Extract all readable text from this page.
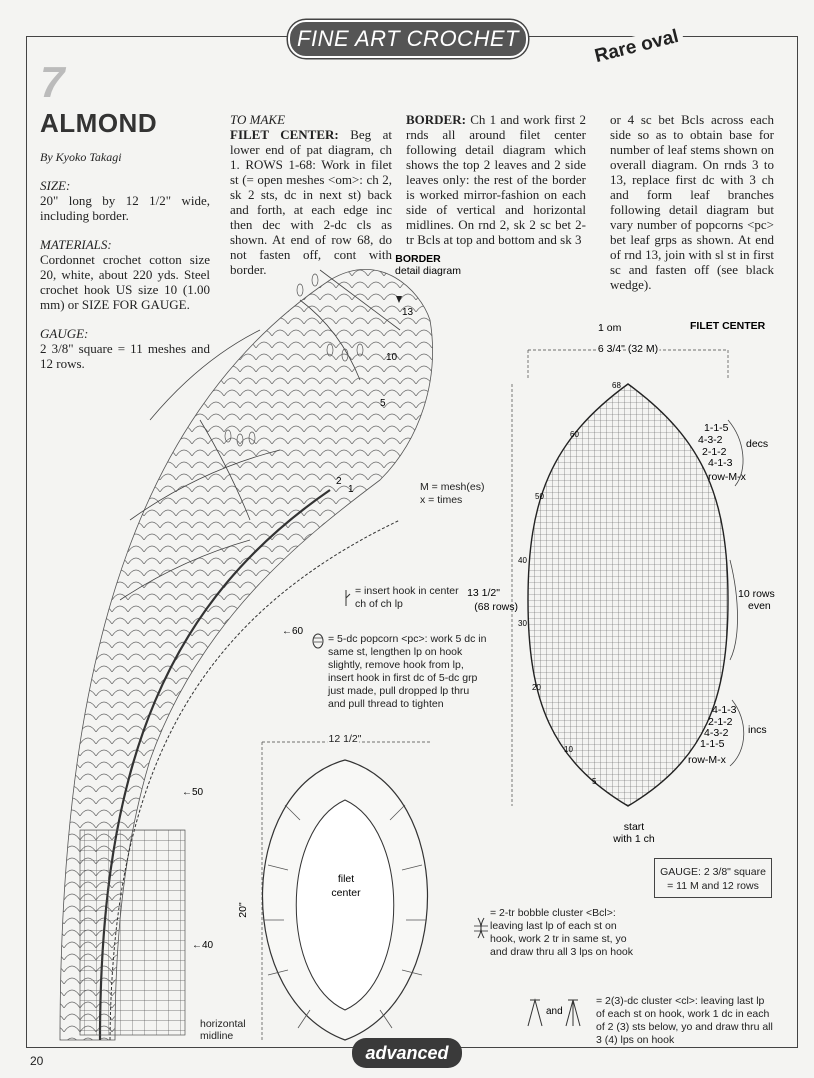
FINE ART CROCHET	Rare oval
7
ALMOND
By Kyoko Takagi

SIZE:

20" long by 12 1/2" wide, including border.

MATERIALS:

Cordonnet crochet cotton size 20, white, about 220 yds. Steel crochet hook US size 10 (1.00 mm) or SIZE FOR GAUGE.

GAUGE:

2 3/8" square = 11 meshes and 12 rows.

TO MAKE

FILET CENTER: Beg at lower end of pat diagram, ch 1. ROWS 1-68: Work in filet st (= open meshes <om>: ch 2, sk 2 sts, dc in next st) back and forth, at each edge inc then dec with 2-dc cls as shown. At end of row 68, do not fasten off, cont with border.

BORDER: Ch 1 and work first 2 rnds all around filet center following detail diagram which shows the top 2 leaves and 2 side leaves only: the rest of the border is worked mirror-fashion on each side of vertical and horizontal midlines. On rnd 2, sk 2 sc bet 2-tr Bcls at top and bottom and sk 3

or 4 sc bet Bcls across each side so as to obtain base for number of leaf stems shown on overall diagram. On rnds 3 to 13, replace first dc with 3 ch and form leaf branches following detail diagram but vary number of popcorns <pc> bet leaf grps as shown. At end of rnd 13, join with sl st in first sc and fasten off (see black wedge).

BORDER
detail diagram
13
10
5
2
1
←60
←50
←40
12 1/2"
20"
filet
center
1 om	FILET CENTER
6 3/4" (32 M)
13 1/2"
(68 rows)
68
60
50
40
30
20
10
5
1-1-5
4-3-2
2-1-2
4-1-3
decs
row-M-x
10 rows
even
4-1-3
2-1-2
4-3-2
1-1-5
incs
row-M-x
start
with 1 ch
and
M = mesh(es)
x = times
= insert hook in center ch of ch lp
= 5-dc popcorn <pc>: work 5 dc in same st, lengthen lp on hook slightly, remove hook from lp, insert hook in first dc of 5-dc grp just made, pull dropped lp thru and pull thread to tighten
= 2-tr bobble cluster <Bcl>: leaving last lp of each st on hook, work 2 tr in same st, yo and draw thru all 3 lps on hook
= 2(3)-dc cluster <cl>: leaving last lp of each st on hook, work 1 dc in each of 2 (3) sts below, yo and draw thru all 3 (4) lps on hook
horizontal midline
GAUGE: 2 3/8" square
= 11 M and 12 rows
advanced
20
